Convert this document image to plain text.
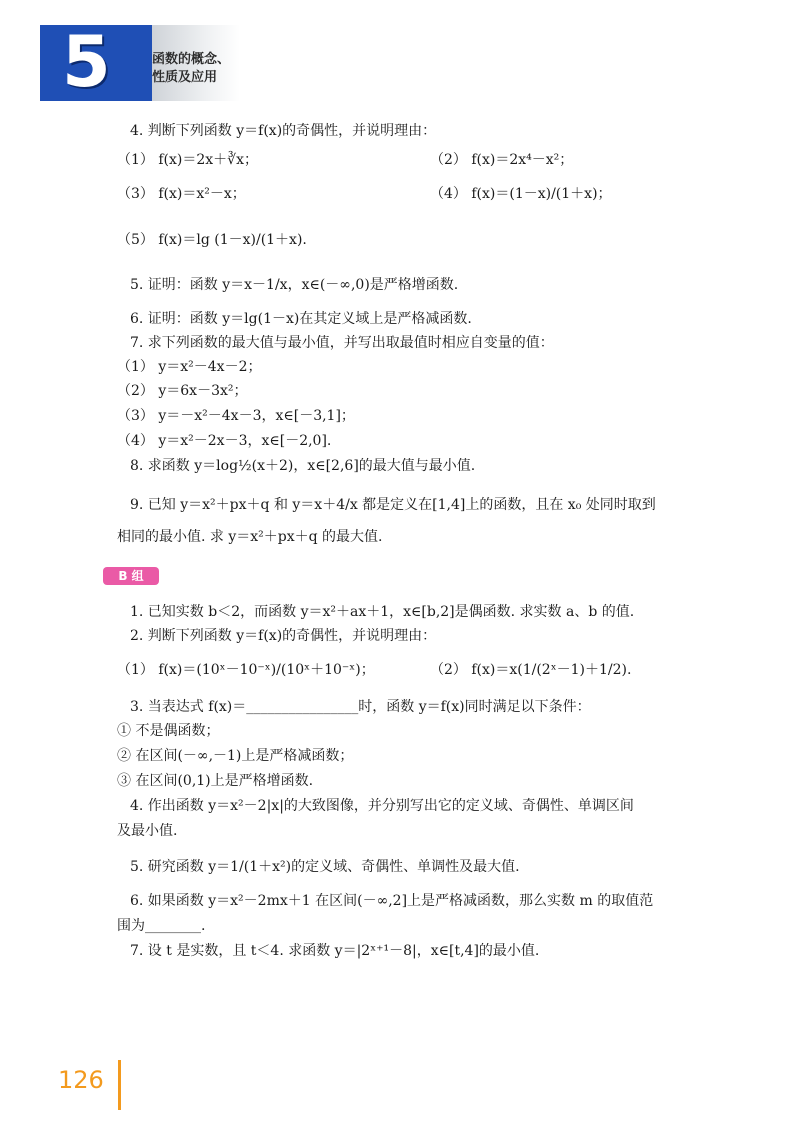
5	函数的概念、
性质及应用
4. 判断下列函数 y＝f(x)的奇偶性，并说明理由：
（1） f(x)＝2x＋∛x；	（2） f(x)＝2x⁴－x²；
（3） f(x)＝x²－x；	（4） f(x)＝(1－x)/(1＋x)；
（5） f(x)＝lg (1－x)/(1＋x).
5. 证明：函数 y＝x－1/x，x∈(－∞,0)是严格增函数.
6. 证明：函数 y＝lg(1－x)在其定义域上是严格减函数.
7. 求下列函数的最大值与最小值，并写出取最值时相应自变量的值：
（1） y＝x²－4x－2；
（2） y＝6x－3x²；
（3） y＝－x²－4x－3，x∈[－3,1]；
（4） y＝x²－2x－3，x∈[－2,0].
8. 求函数 y＝log½(x＋2)，x∈[2,6]的最大值与最小值.
9. 已知 y＝x²＋px＋q 和 y＝x＋4/x 都是定义在[1,4]上的函数，且在 x₀ 处同时取到
相同的最小值. 求 y＝x²＋px＋q 的最大值.
B 组
1. 已知实数 b＜2，而函数 y＝x²＋ax＋1，x∈[b,2]是偶函数. 求实数 a、b 的值.
2. 判断下列函数 y＝f(x)的奇偶性，并说明理由：
（1） f(x)＝(10ˣ－10⁻ˣ)/(10ˣ＋10⁻ˣ)；	（2） f(x)＝x(1/(2ˣ－1)＋1/2).
3. 当表达式 f(x)＝________________时，函数 y＝f(x)同时满足以下条件：
① 不是偶函数；
② 在区间(－∞,－1)上是严格减函数；
③ 在区间(0,1)上是严格增函数.
4. 作出函数 y＝x²－2|x|的大致图像，并分别写出它的定义域、奇偶性、单调区间
及最小值.
5. 研究函数 y＝1/(1＋x²)的定义域、奇偶性、单调性及最大值.
6. 如果函数 y＝x²－2mx＋1 在区间(－∞,2]上是严格减函数，那么实数 m 的取值范
围为________.
7. 设 t 是实数，且 t＜4. 求函数 y＝|2ˣ⁺¹－8|，x∈[t,4]的最小值.
126
